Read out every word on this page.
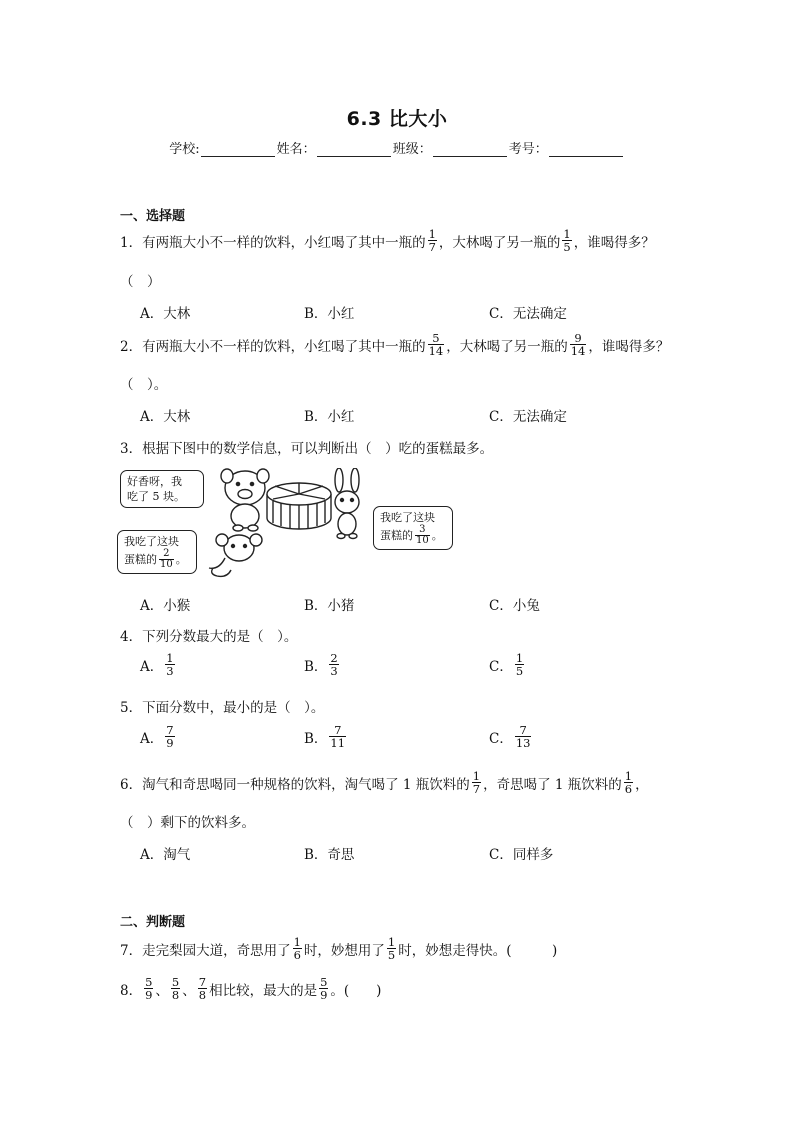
6.3 比大小
学校:	姓名：	班级：	考号：
一、选择题
1． 有两瓶大小不一样的饮料，小红喝了其中一瓶的 $\frac{1}{7}$ ，大林喝了另一瓶的 $\frac{1}{5}$ ，谁喝得多？
（　）
A．大林	B．小红	C．无法确定
2． 有两瓶大小不一样的饮料，小红喝了其中一瓶的 $\frac{5}{14}$ ，大林喝了另一瓶的 $\frac{9}{14}$ ，谁喝得多？
（　）。
A．大林	B．小红	C．无法确定
3． 根据下图中的数学信息，可以判断出（　）吃的蛋糕最多。
好香呀，我
吃了 5 块。
我吃了这块
蛋糕的 $\frac{2}{10}$ 。
我吃了这块
蛋糕的 $\frac{3}{10}$ 。
A．小猴	B．小猪	C．小兔
4． 下列分数最大的是（　）。
A． $\frac{1}{3}$	B． $\frac{2}{3}$	C． $\frac{1}{5}$
5． 下面分数中，最小的是（　）。
A． $\frac{7}{9}$	B． $\frac{7}{11}$	C． $\frac{7}{13}$
6． 淘气和奇思喝同一种规格的饮料，淘气喝了 1 瓶饮料的 $\frac{1}{7}$ ，奇思喝了 1 瓶饮料的 $\frac{1}{6}$ ，
（　）剩下的饮料多。
A．淘气	B．奇思	C．同样多
二、判断题
7． 走完梨园大道，奇思用了 $\frac{1}{6}$ 时，妙想用了 $\frac{1}{5}$ 时，妙想走得快。(　　　)
8． $\frac{5}{9}$ 、 $\frac{5}{8}$ 、 $\frac{7}{8}$ 相比较，最大的是 $\frac{5}{9}$ 。(　　)
